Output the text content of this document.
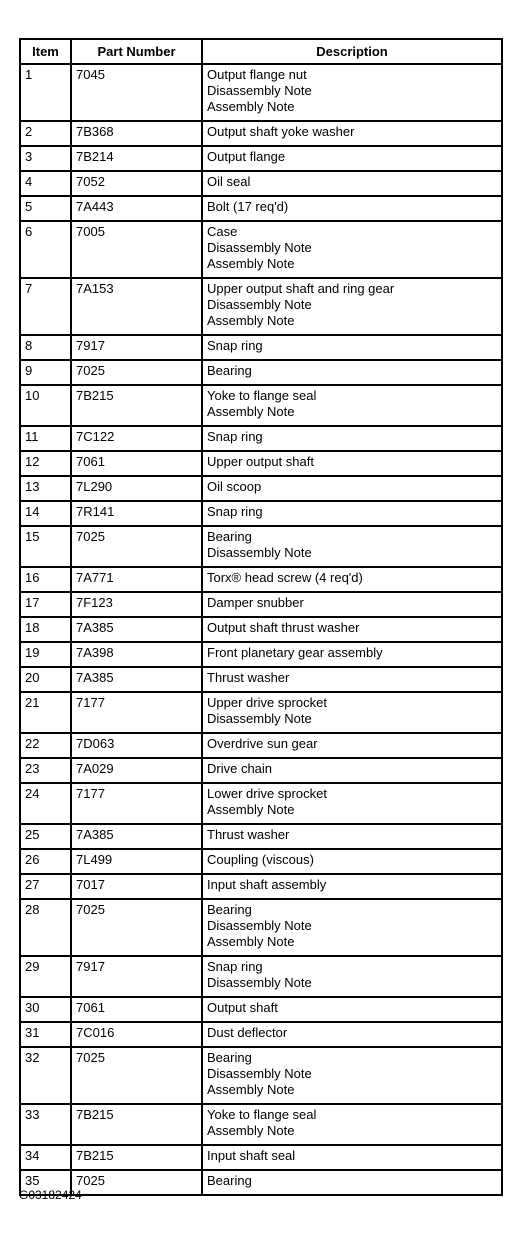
Item	Part Number	Description
1	7045	Output flange nut
Disassembly Note
Assembly Note

2	7B368	Output shaft yoke washer

3	7B214	Output flange

4	7052	Oil seal

5	7A443	Bolt (17 req'd)

6	7005	Case
Disassembly Note
Assembly Note

7	7A153	Upper output shaft and ring gear
Disassembly Note
Assembly Note

8	7917	Snap ring

9	7025	Bearing

10	7B215	Yoke to flange seal
Assembly Note

11	7C122	Snap ring

12	7061	Upper output shaft

13	7L290	Oil scoop

14	7R141	Snap ring

15	7025	Bearing
Disassembly Note

16	7A771	Torx® head screw (4 req'd)

17	7F123	Damper snubber

18	7A385	Output shaft thrust washer

19	7A398	Front planetary gear assembly

20	7A385	Thrust washer

21	7177	Upper drive sprocket
Disassembly Note

22	7D063	Overdrive sun gear

23	7A029	Drive chain

24	7177	Lower drive sprocket
Assembly Note

25	7A385	Thrust washer

26	7L499	Coupling (viscous)

27	7017	Input shaft assembly

28	7025	Bearing
Disassembly Note
Assembly Note

29	7917	Snap ring
Disassembly Note

30	7061	Output shaft

31	7C016	Dust deflector

32	7025	Bearing
Disassembly Note
Assembly Note

33	7B215	Yoke to flange seal
Assembly Note

34	7B215	Input shaft seal

35	7025	Bearing
G03182424
